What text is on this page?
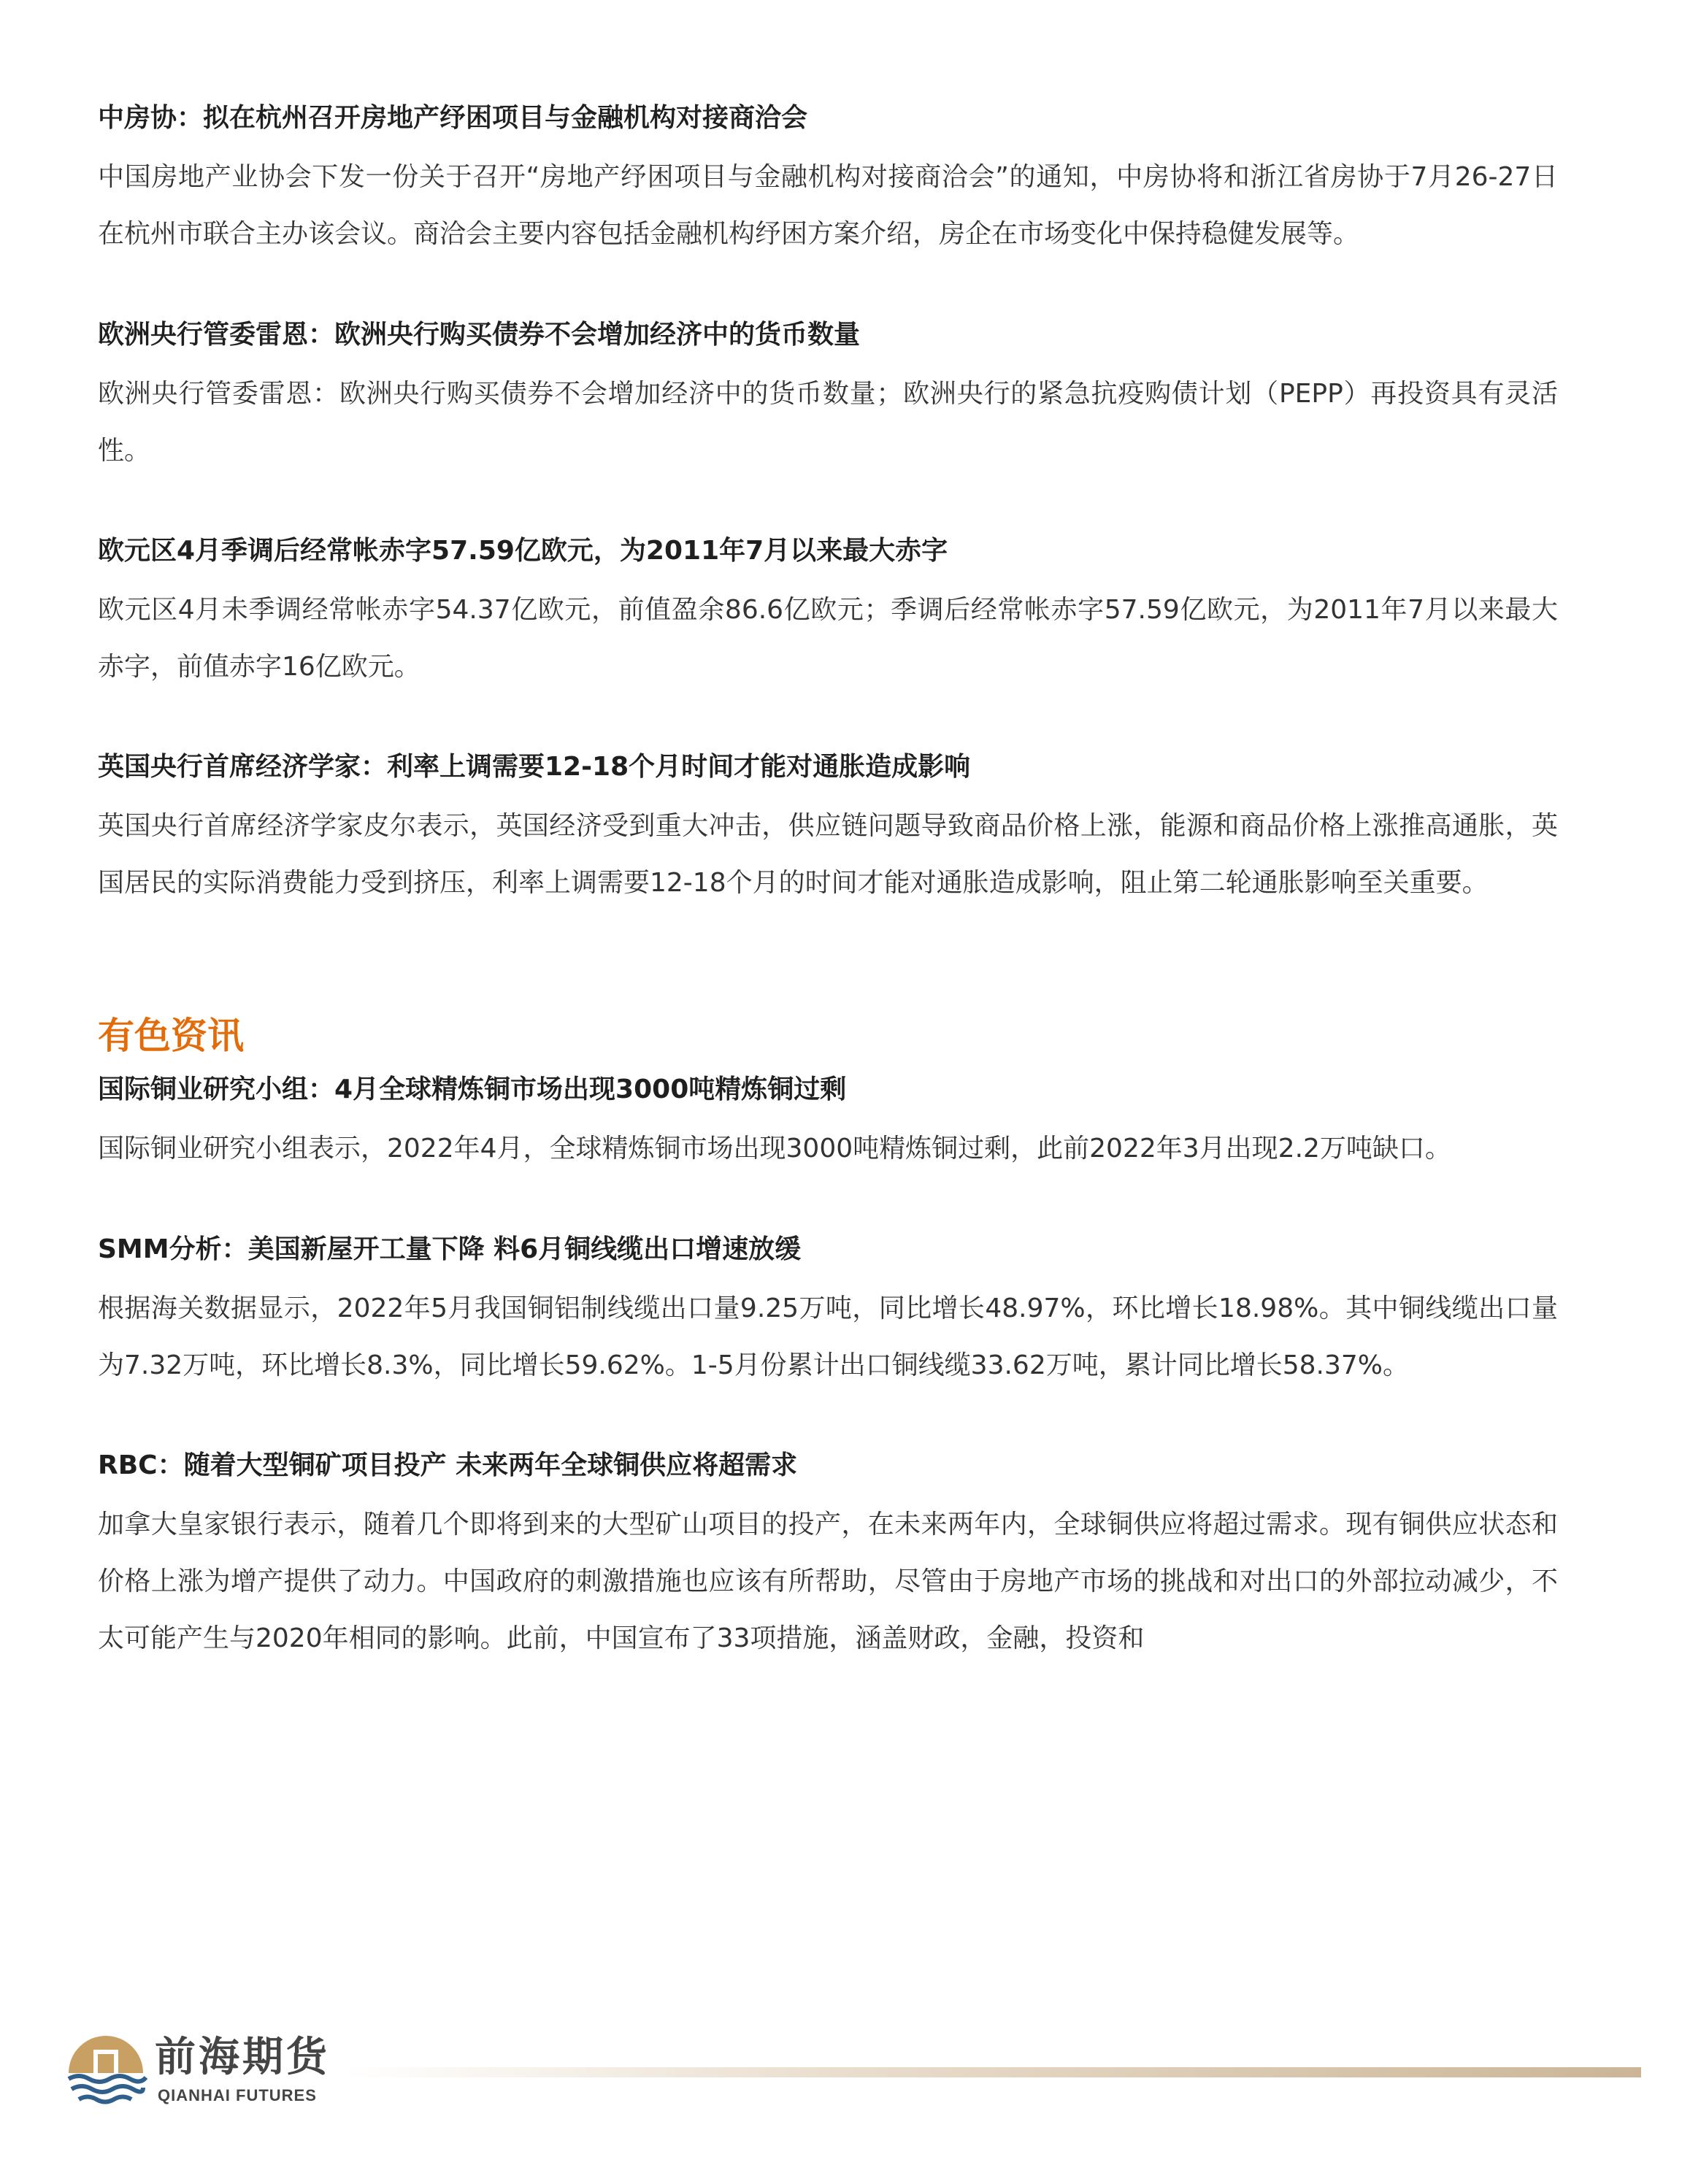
中房协：拟在杭州召开房地产纾困项目与金融机构对接商洽会
中国房地产业协会下发一份关于召开“房地产纾困项目与金融机构对接商洽会”的通知，中房协将和浙江省房协于7月26-27日在杭州市联合主办该会议。商洽会主要内容包括金融机构纾困方案介绍，房企在市场变化中保持稳健发展等。
欧洲央行管委雷恩：欧洲央行购买债券不会增加经济中的货币数量
欧洲央行管委雷恩：欧洲央行购买债券不会增加经济中的货币数量；欧洲央行的紧急抗疫购债计划（PEPP）再投资具有灵活性。
欧元区4月季调后经常帐赤字57.59亿欧元，为2011年7月以来最大赤字
欧元区4月未季调经常帐赤字54.37亿欧元，前值盈余86.6亿欧元；季调后经常帐赤字57.59亿欧元，为2011年7月以来最大赤字，前值赤字16亿欧元。
英国央行首席经济学家：利率上调需要12-18个月时间才能对通胀造成影响
英国央行首席经济学家皮尔表示，英国经济受到重大冲击，供应链问题导致商品价格上涨，能源和商品价格上涨推高通胀，英国居民的实际消费能力受到挤压，利率上调需要12-18个月的时间才能对通胀造成影响，阻止第二轮通胀影响至关重要。
有色资讯
国际铜业研究小组：4月全球精炼铜市场出现3000吨精炼铜过剩
国际铜业研究小组表示，2022年4月，全球精炼铜市场出现3000吨精炼铜过剩，此前2022年3月出现2.2万吨缺口。
SMM分析：美国新屋开工量下降 料6月铜线缆出口增速放缓
根据海关数据显示，2022年5月我国铜铝制线缆出口量9.25万吨，同比增长48.97%，环比增长18.98%。其中铜线缆出口量为7.32万吨，环比增长8.3%，同比增长59.62%。1-5月份累计出口铜线缆33.62万吨，累计同比增长58.37%。
RBC：随着大型铜矿项目投产 未来两年全球铜供应将超需求
加拿大皇家银行表示，随着几个即将到来的大型矿山项目的投产，在未来两年内，全球铜供应将超过需求。现有铜供应状态和价格上涨为增产提供了动力。中国政府的刺激措施也应该有所帮助，尽管由于房地产市场的挑战和对出口的外部拉动减少，不太可能产生与2020年相同的影响。此前，中国宣布了33项措施，涵盖财政，金融，投资和
前海期货
QIANHAI FUTURES
